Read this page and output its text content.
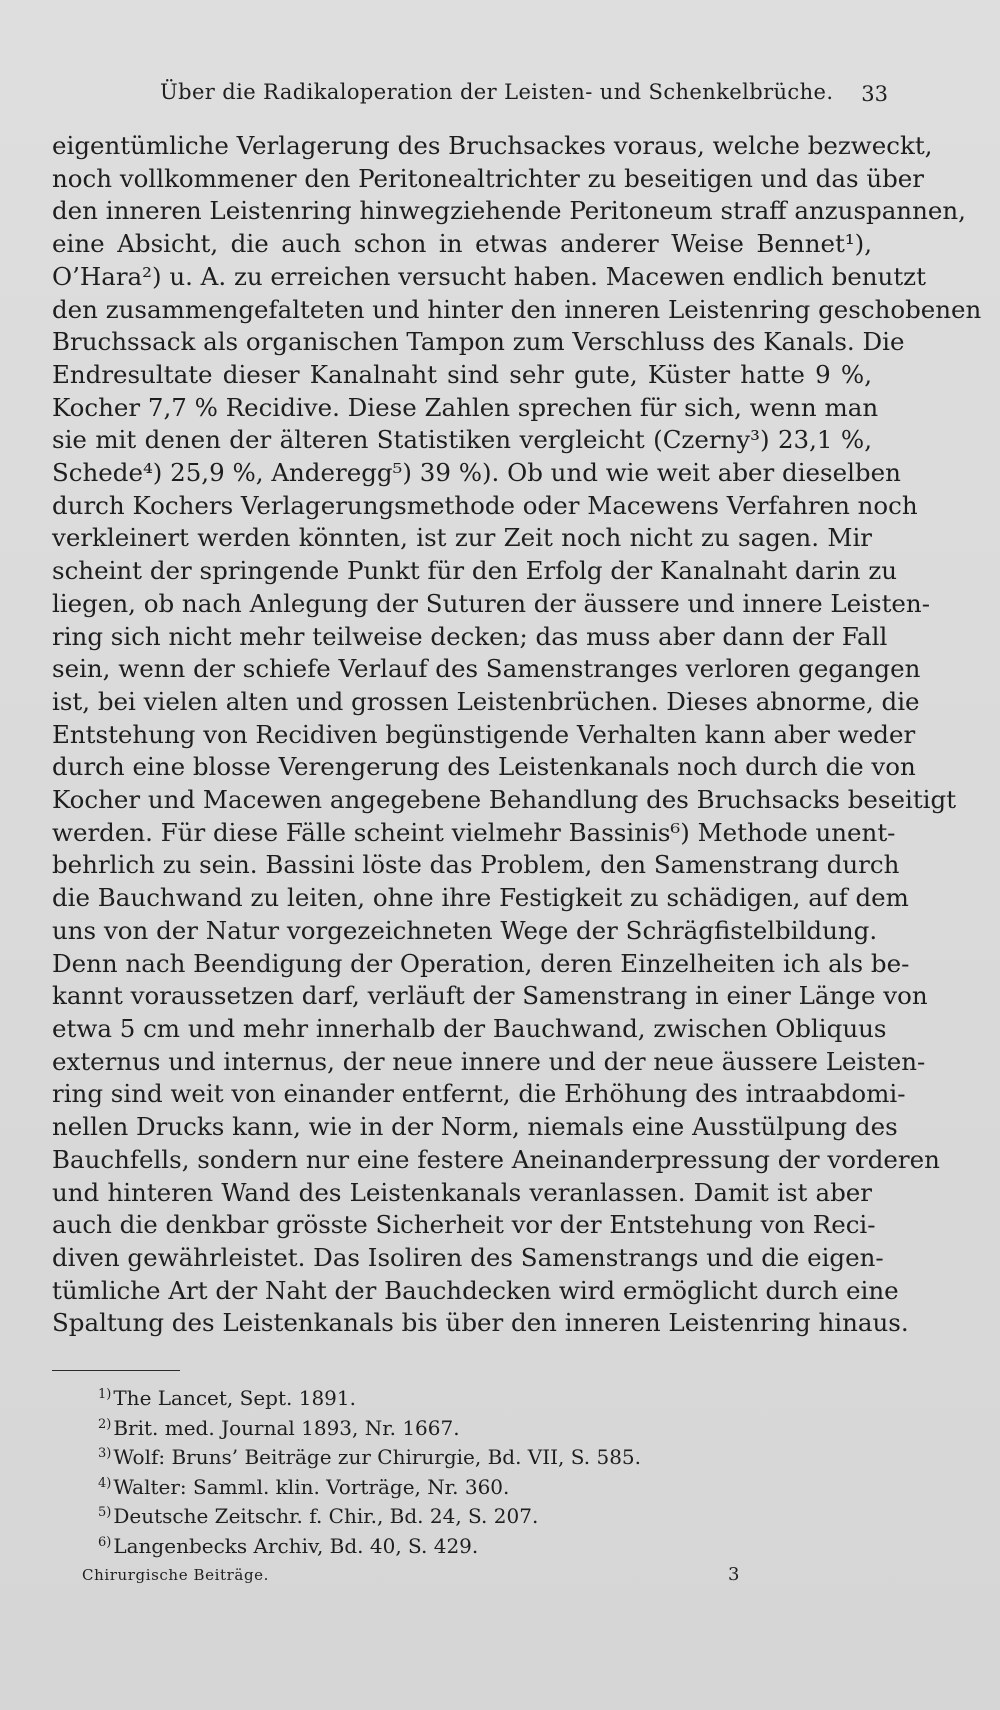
Über die Radikaloperation der Leisten- und Schenkelbrüche. 33
eigentümliche Verlagerung des Bruchsackes voraus, welche bezweckt,
noch vollkommener den Peritonealtrichter zu beseitigen und das über
den inneren Leistenring hinwegziehende Peritoneum straff anzuspannen,
eine Absicht, die auch schon in etwas anderer Weise Bennet¹),
O’Hara²) u. A. zu erreichen versucht haben. Macewen endlich benutzt
den zusammengefalteten und hinter den inneren Leistenring geschobenen
Bruchssack als organischen Tampon zum Verschluss des Kanals. Die
Endresultate dieser Kanalnaht sind sehr gute, Küster hatte 9 %,
Kocher 7,7 % Recidive. Diese Zahlen sprechen für sich, wenn man
sie mit denen der älteren Statistiken vergleicht (Czerny³) 23,1 %,
Schede⁴) 25,9 %, Anderegg⁵) 39 %). Ob und wie weit aber dieselben
durch Kochers Verlagerungsmethode oder Macewens Verfahren noch
verkleinert werden könnten, ist zur Zeit noch nicht zu sagen. Mir
scheint der springende Punkt für den Erfolg der Kanalnaht darin zu
liegen, ob nach Anlegung der Suturen der äussere und innere Leisten-
ring sich nicht mehr teilweise decken; das muss aber dann der Fall
sein, wenn der schiefe Verlauf des Samenstranges verloren gegangen
ist, bei vielen alten und grossen Leistenbrüchen. Dieses abnorme, die
Entstehung von Recidiven begünstigende Verhalten kann aber weder
durch eine blosse Verengerung des Leistenkanals noch durch die von
Kocher und Macewen angegebene Behandlung des Bruchsacks beseitigt
werden. Für diese Fälle scheint vielmehr Bassinis⁶) Methode unent-
behrlich zu sein. Bassini löste das Problem, den Samenstrang durch
die Bauchwand zu leiten, ohne ihre Festigkeit zu schädigen, auf dem
uns von der Natur vorgezeichneten Wege der Schrägfistelbildung.
Denn nach Beendigung der Operation, deren Einzelheiten ich als be-
kannt voraussetzen darf, verläuft der Samenstrang in einer Länge von
etwa 5 cm und mehr innerhalb der Bauchwand, zwischen Obliquus
externus und internus, der neue innere und der neue äussere Leisten-
ring sind weit von einander entfernt, die Erhöhung des intraabdomi-
nellen Drucks kann, wie in der Norm, niemals eine Ausstülpung des
Bauchfells, sondern nur eine festere Aneinanderpressung der vorderen
und hinteren Wand des Leistenkanals veranlassen. Damit ist aber
auch die denkbar grösste Sicherheit vor der Entstehung von Reci-
diven gewährleistet. Das Isoliren des Samenstrangs und die eigen-
tümliche Art der Naht der Bauchdecken wird ermöglicht durch eine
Spaltung des Leistenkanals bis über den inneren Leistenring hinaus.
$^{1)}$ The Lancet, Sept. 1891.
$^{2)}$ Brit. med. Journal 1893, Nr. 1667.
$^{3)}$ Wolf: Bruns’ Beiträge zur Chirurgie, Bd. VII, S. 585.
$^{4)}$ Walter: Samml. klin. Vorträge, Nr. 360.
$^{5)}$ Deutsche Zeitschr. f. Chir., Bd. 24, S. 207.
$^{6)}$ Langenbecks Archiv, Bd. 40, S. 429.
Chirurgische Beiträge.	3
